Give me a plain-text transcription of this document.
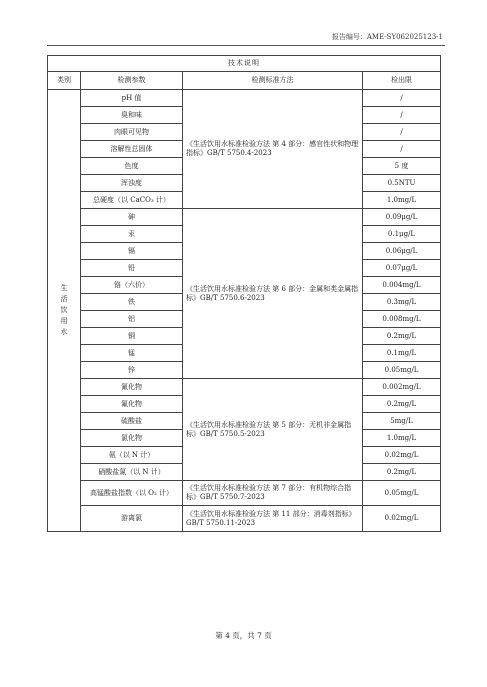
报告编号：AME-SY062025123-1
技术说明			
类别	检测参数	检测标准方法	检出限
生活饮用水	pH 值	《生活饮用水标准检验方法 第 4 部分：感官性状和物理指标》GB/T 5750.4-2023	/
	臭和味		/
	肉眼可见物		/
	溶解性总固体		/
	色度		5 度
	浑浊度		0.5NTU
	总硬度（以 CaCO₃ 计）		1.0mg/L
	砷	《生活饮用水标准检验方法 第 6 部分：金属和类金属指标》GB/T 5750.6-2023	0.09μg/L
	汞		0.1μg/L
	镉		0.06μg/L
	铅		0.07μg/L
	铬（六价）		0.004mg/L
	铁		0.3mg/L
	铝		0.008mg/L
	铜		0.2mg/L
	锰		0.1mg/L
	锌		0.05mg/L
	氰化物	《生活饮用水标准检验方法 第 5 部分：无机非金属指标》GB/T 5750.5-2023	0.002mg/L
	氟化物		0.2mg/L
	硫酸盐		5mg/L
	氯化物		1.0mg/L
	氨（以 N 计）		0.02mg/L
	硝酸盐氮（以 N 计）		0.2mg/L
	高锰酸盐指数（以 O₂ 计）	《生活饮用水标准检验方法 第 7 部分：有机物综合指标》GB/T 5750.7-2023	0.05mg/L
	游离氯	《生活饮用水标准检验方法 第 11 部分：消毒剂指标》GB/T 5750.11-2023	0.02mg/L
第 4 页，共 7 页
